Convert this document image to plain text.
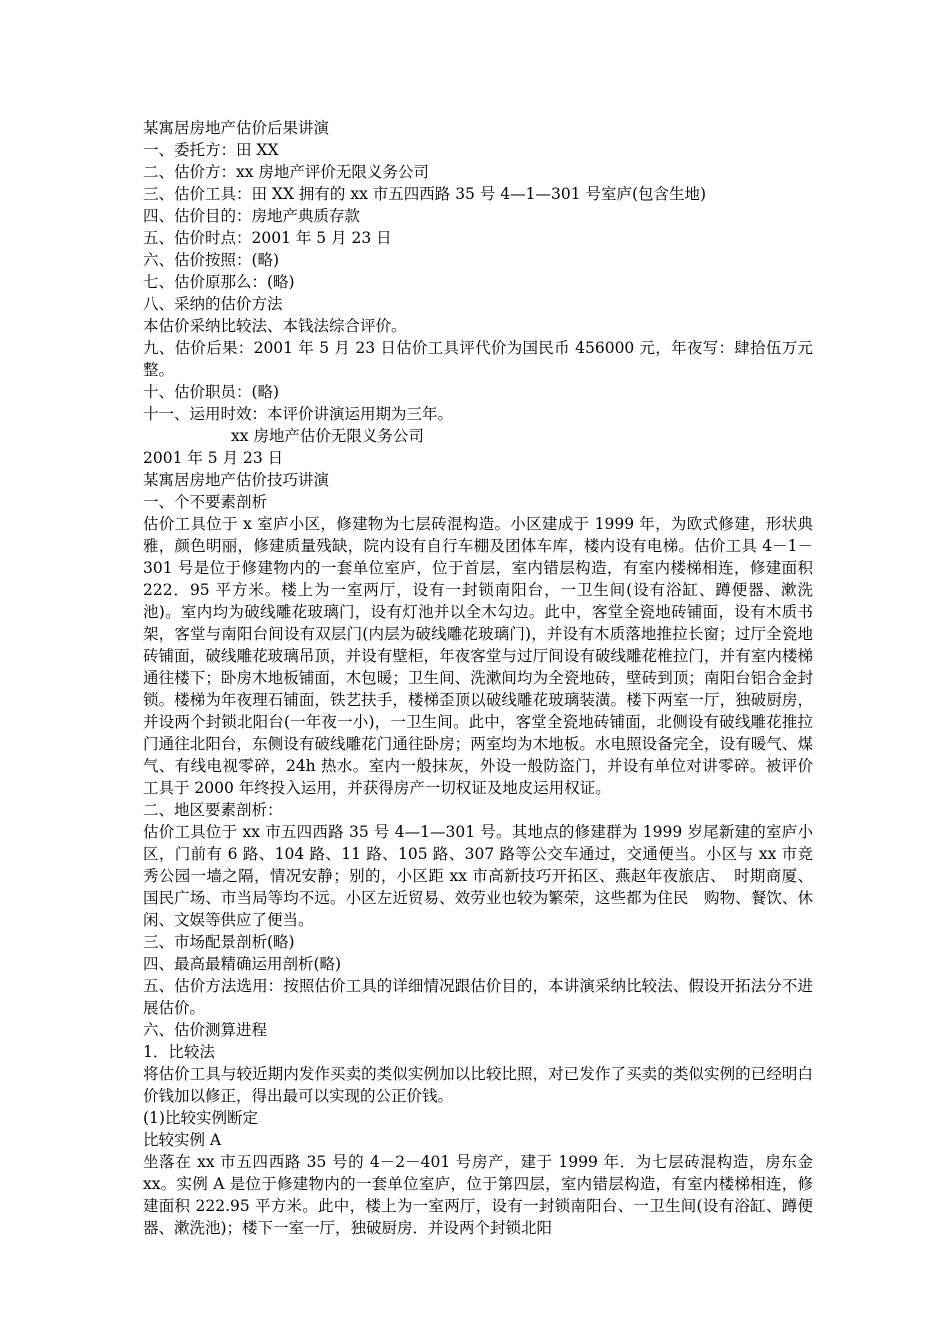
某寓居房地产估价后果讲演
一、委托方：田 XX
二、估价方：xx 房地产评价无限义务公司
三、估价工具：田 XX 拥有的 xx 市五四西路 35 号 4—1—301 号室庐(包含生地)
四、估价目的：房地产典质存款
五、估价时点：2001 年 5 月 23 日
六、估价按照：(略)
七、估价原那么：(略)
八、采纳的估价方法
本估价采纳比较法、本钱法综合评价。
九、估价后果：2001 年 5 月 23 日估价工具评代价为国民币 456000 元，年夜写：肆拾伍万元整。
十、估价职员：(略)
十一、运用时效：本评价讲演运用期为三年。
xx 房地产估价无限义务公司
2001 年 5 月 23 日
某寓居房地产估价技巧讲演
一、个不要素剖析
估价工具位于 x 室庐小区，修建物为七层砖混构造。小区建成于 1999 年，为欧式修建，形状典雅，颜色明丽，修建质量残缺，院内设有自行车棚及团体车库，楼内设有电梯。估价工具 4－1－301 号是位于修建物内的一套单位室庐，位于首层，室内错层构造，有室内楼梯相连，修建面积 222．95 平方米。楼上为一室两厅，设有一封锁南阳台，一卫生间(设有浴缸、蹲便器、漱洗池)。室内均为破线雕花玻璃门，设有灯池并以全木勾边。此中，客堂全瓷地砖铺面，设有木质书架，客堂与南阳台间设有双层门(内层为破线雕花玻璃门)，并设有木质落地推拉长窗；过厅全瓷地砖铺面，破线雕花玻璃吊顶，并设有壁柜，年夜客堂与过厅间设有破线雕花椎拉门，并有室内楼梯通往楼下；卧房木地板铺面，木包暖；卫生间、洗漱间均为全瓷地砖，壁砖到顶；南阳台铝合金封锁。楼梯为年夜理石铺面，铁艺扶手，楼梯歪顶以破线雕花玻璃装潢。楼下两室一厅，独破厨房，并设两个封锁北阳台(一年夜一小)，一卫生间。此中，客堂全瓷地砖铺面，北侧设有破线雕花推拉门通往北阳台，东侧设有破线雕花门通往卧房；两室均为木地板。水电照设备完全，设有暖气、煤气、有线电视零碎，24h 热水。室内一般抹灰，外设一般防盗门，并设有单位对讲零碎。被评价工具于 2000 年终投入运用，并获得房产一切权证及地皮运用权证。
二、地区要素剖析：
估价工具位于 xx 市五四西路 35 号 4—1—301 号。其地点的修建群为 1999 岁尾新建的室庐小区，门前有 6 路、104 路、11 路、105 路、307 路等公交车通过，交通便当。小区与 xx 市竞秀公园一墙之隔，情况安静；别的，小区距 xx 市高新技巧开拓区、燕赵年夜旅店、　时期商厦、国民广场、市当局等均不远。小区左近贸易、效劳业也较为繁荣，这些都为住民　购物、餐饮、休闲、文娱等供应了便当。
三、市场配景剖析(略)
四、最高最精确运用剖析(略)
五、估价方法选用：按照估价工具的详细情况跟估价目的，本讲演采纳比较法、假设开拓法分不进展估价。
六、估价测算进程
1．比较法
将估价工具与较近期内发作买卖的类似实例加以比较比照，对已发作了买卖的类似实例的已经明白价钱加以修正，得出最可以实现的公正价钱。
(1)比较实例断定
比较实例 A
坐落在 xx 市五四西路 35 号的 4－2－401 号房产，建于 1999 年．为七层砖混构造，房东金 xx。实例 A 是位于修建物内的一套单位室庐，位于第四层，室内错层构造，有室内楼梯相连，修建面积 222.95 平方米。此中，楼上为一室两厅，设有一封锁南阳台、一卫生间(设有浴缸、蹲便器、漱洗池)；楼下一室一厅，独破厨房．并设两个封锁北阳
